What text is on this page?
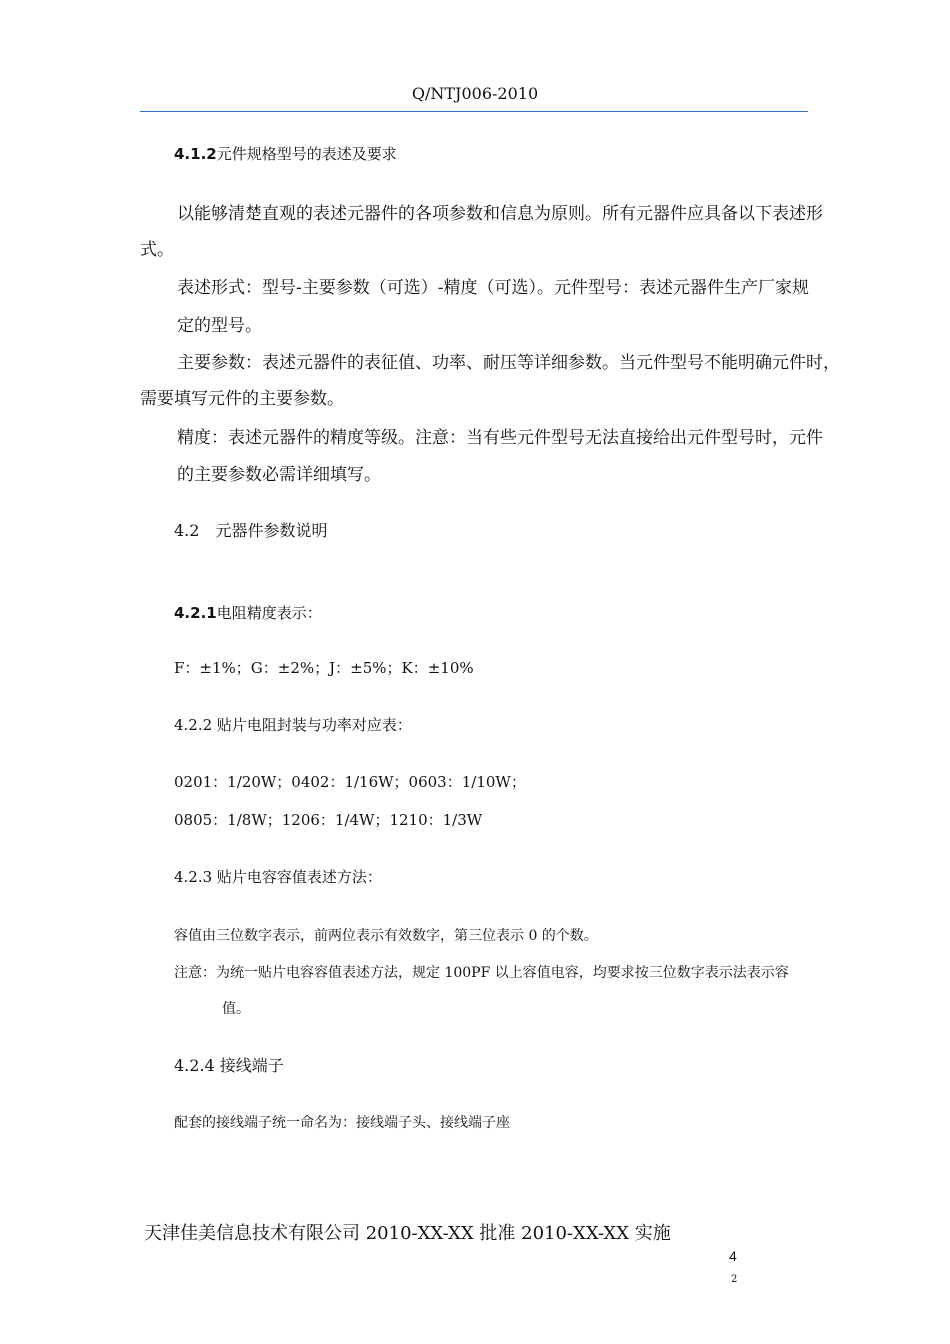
Q/NTJ006-2010
4.1.2元件规格型号的表述及要求
以能够清楚直观的表述元器件的各项参数和信息为原则。所有元器件应具备以下表述形
式。
表述形式：型号-主要参数（可选）-精度（可选）。元件型号：表述元器件生产厂家规
定的型号。
主要参数：表述元器件的表征值、功率、耐压等详细参数。当元件型号不能明确元件时，
需要填写元件的主要参数。
精度：表述元器件的精度等级。注意：当有些元件型号无法直接给出元件型号时，元件
的主要参数必需详细填写。
4.2　元器件参数说明
4.2.1电阻精度表示：
F：±1%；G：±2%；J：±5%；K：±10%
4.2.2 贴片电阻封装与功率对应表：
0201：1/20W；0402：1/16W；0603：1/10W；
0805：1/8W；1206：1/4W；1210：1/3W
4.2.3 贴片电容容值表述方法：
容值由三位数字表示，前两位表示有效数字，第三位表示 0 的个数。
注意：为统一贴片电容容值表述方法，规定 100PF 以上容值电容，均要求按三位数字表示法表示容
值。
4.2.4 接线端子
配套的接线端子统一命名为：接线端子头、接线端子座
天津佳美信息技术有限公司 2010-XX-XX 批准 2010-XX-XX 实施
4
2
